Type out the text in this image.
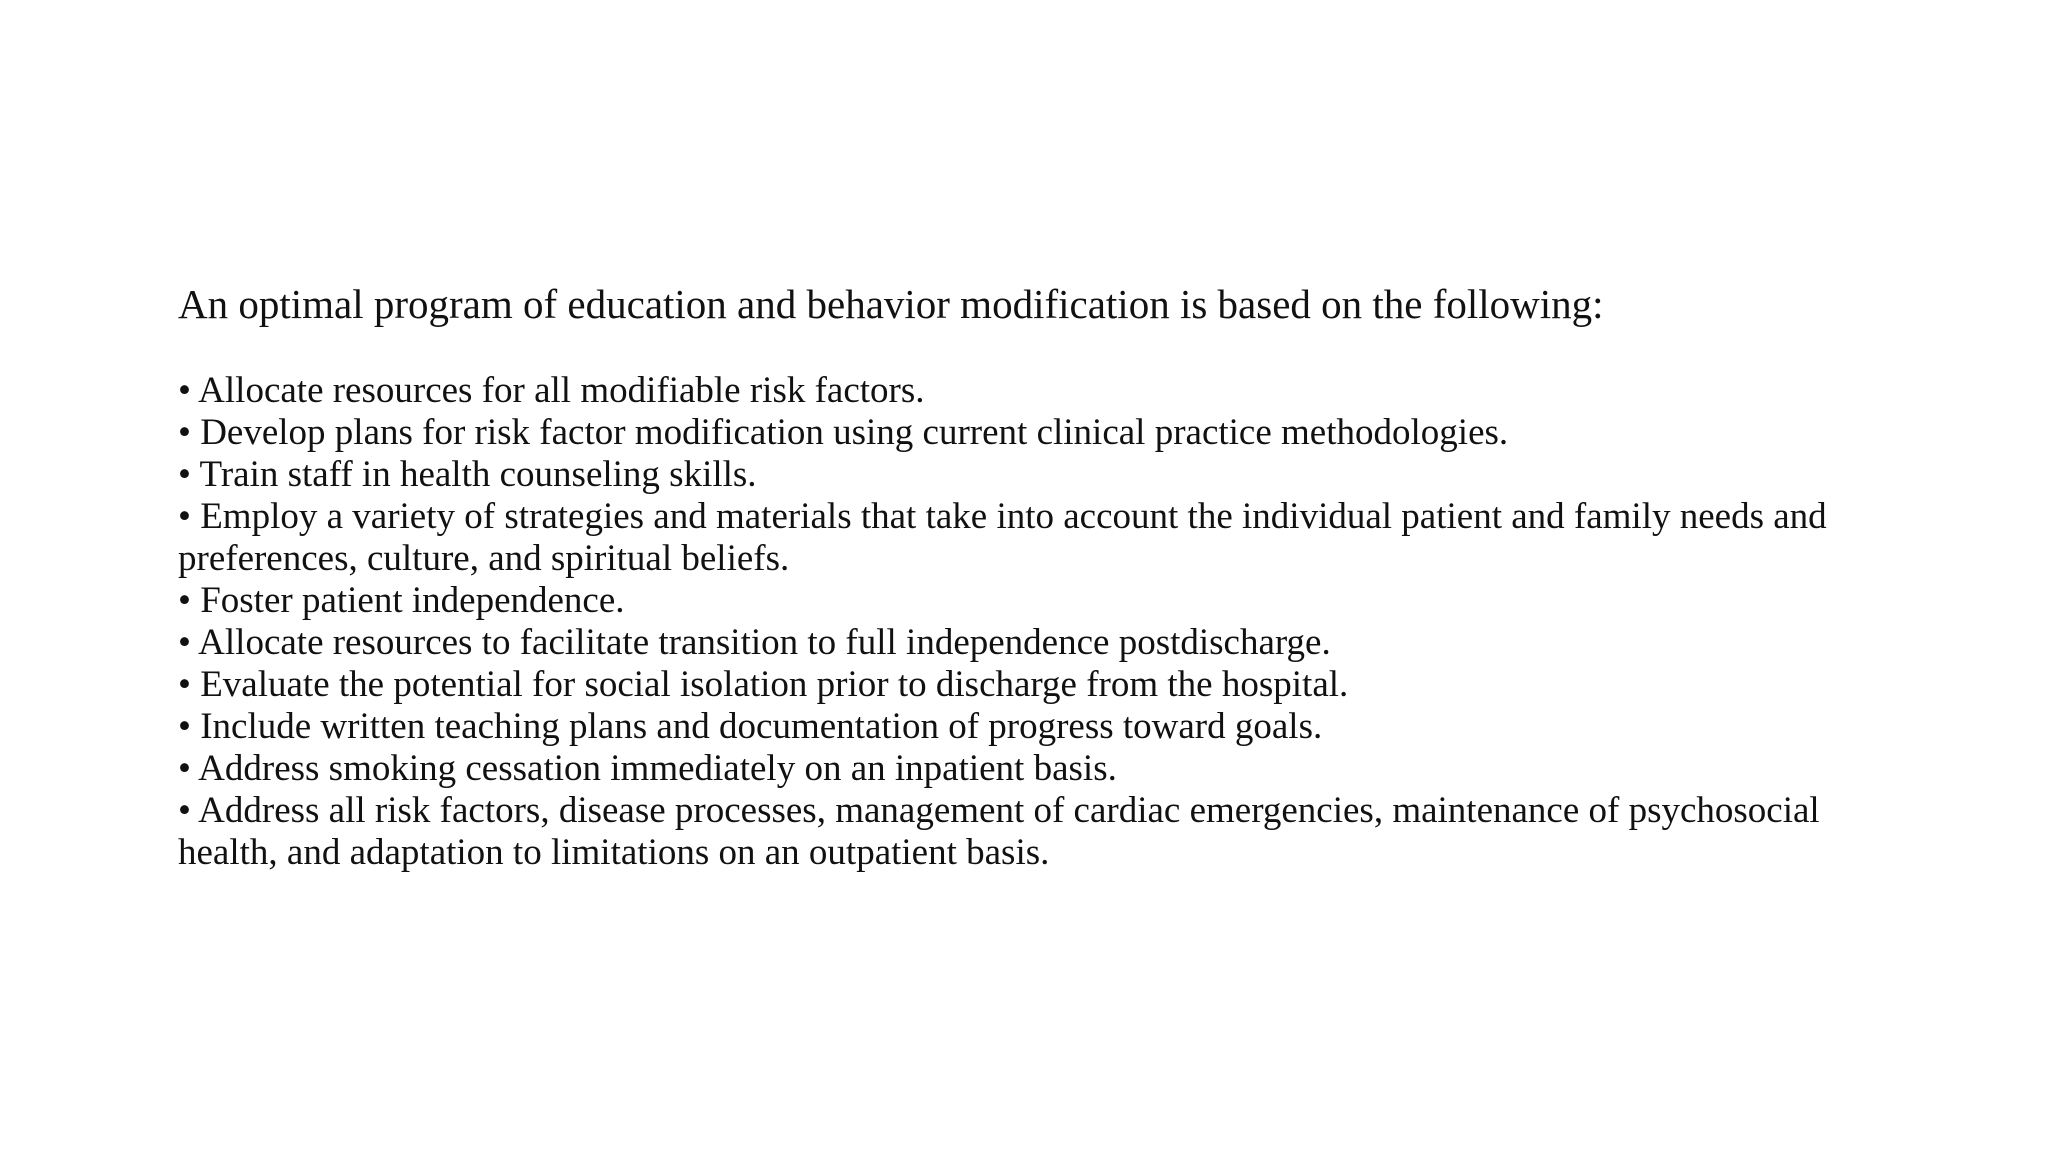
An optimal program of education and behavior modification is based on the following:

• Allocate resources for all modifiable risk factors.
• Develop plans for risk factor modification using current clinical practice methodologies.
• Train staff in health counseling skills.
• Employ a variety of strategies and materials that take into account the individual patient and family needs and preferences, culture, and spiritual beliefs.
• Foster patient independence.
• Allocate resources to facilitate transition to full independence postdischarge.
• Evaluate the potential for social isolation prior to discharge from the hospital.
• Include written teaching plans and documentation of progress toward goals.
• Address smoking cessation immediately on an inpatient basis.
• Address all risk factors, disease processes, management of cardiac emergencies, maintenance of psychosocial health, and adaptation to limitations on an outpatient basis.
